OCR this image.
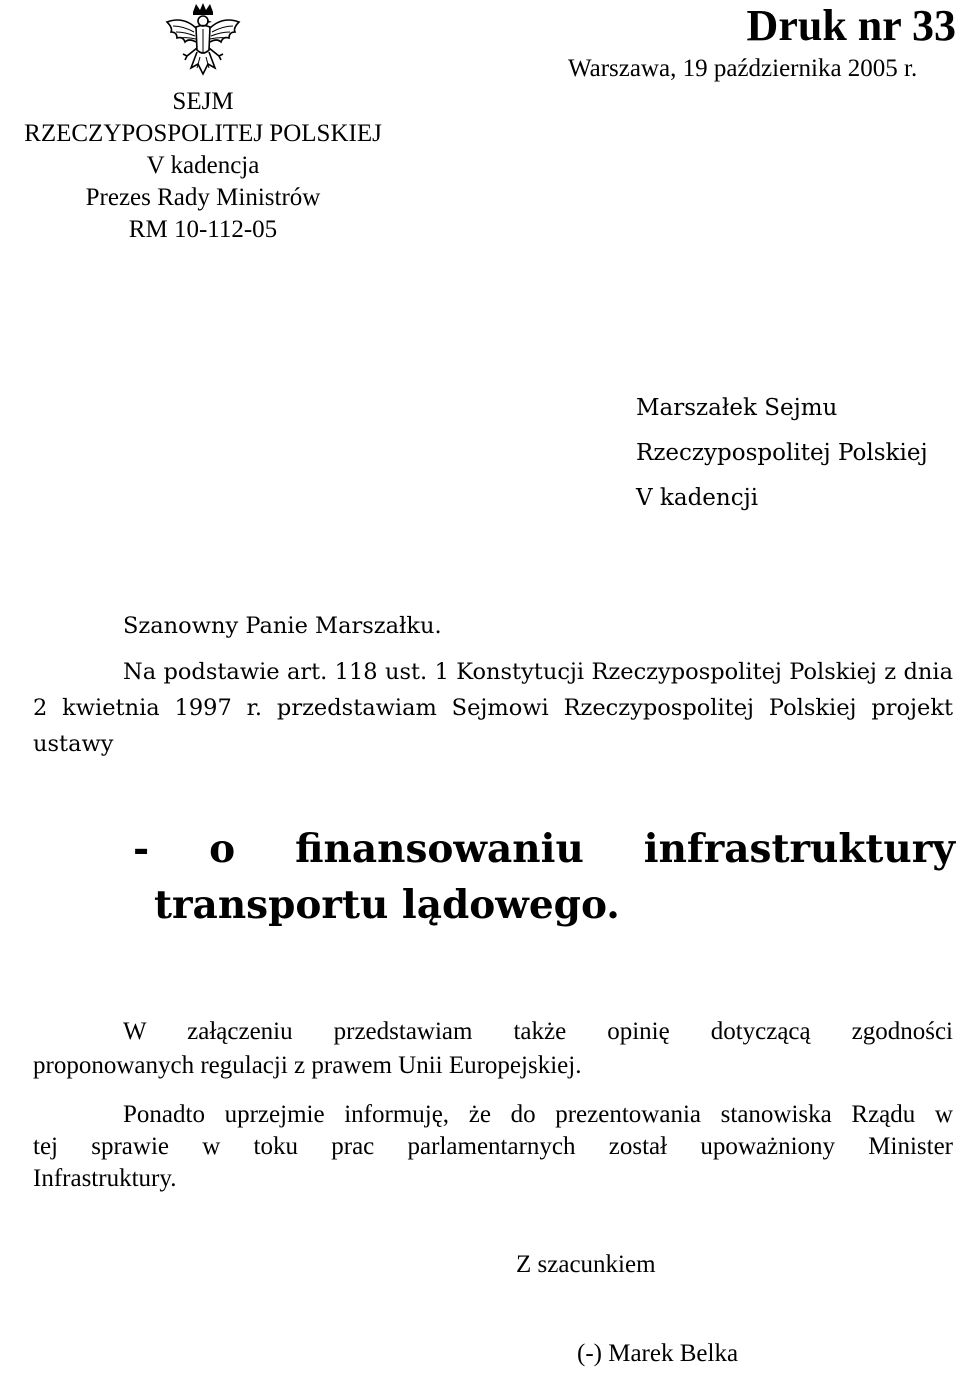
SEJM
RZECZYPOSPOLITEJ POLSKIEJ
V kadencja
Prezes Rady Ministrów
RM 10-112-05
Druk nr 33
Warszawa, 19 października 2005 r.
Marszałek Sejmu
Rzeczypospolitej Polskiej
V kadencji
Szanowny Panie Marszałku.
Na podstawie art. 118 ust. 1 Konstytucji Rzeczypospolitej Polskiej z dnia
2 kwietnia 1997 r. przedstawiam Sejmowi Rzeczypospolitej Polskiej projekt
ustawy
- o finansowaniu infrastruktury
transportu lądowego.
W załączeniu przedstawiam także opinię dotyczącą zgodności
proponowanych regulacji z prawem Unii Europejskiej.
Ponadto uprzejmie informuję, że do prezentowania stanowiska Rządu w
tej sprawie w toku prac parlamentarnych został upoważniony Minister
Infrastruktury.
Z szacunkiem
(-) Marek Belka
